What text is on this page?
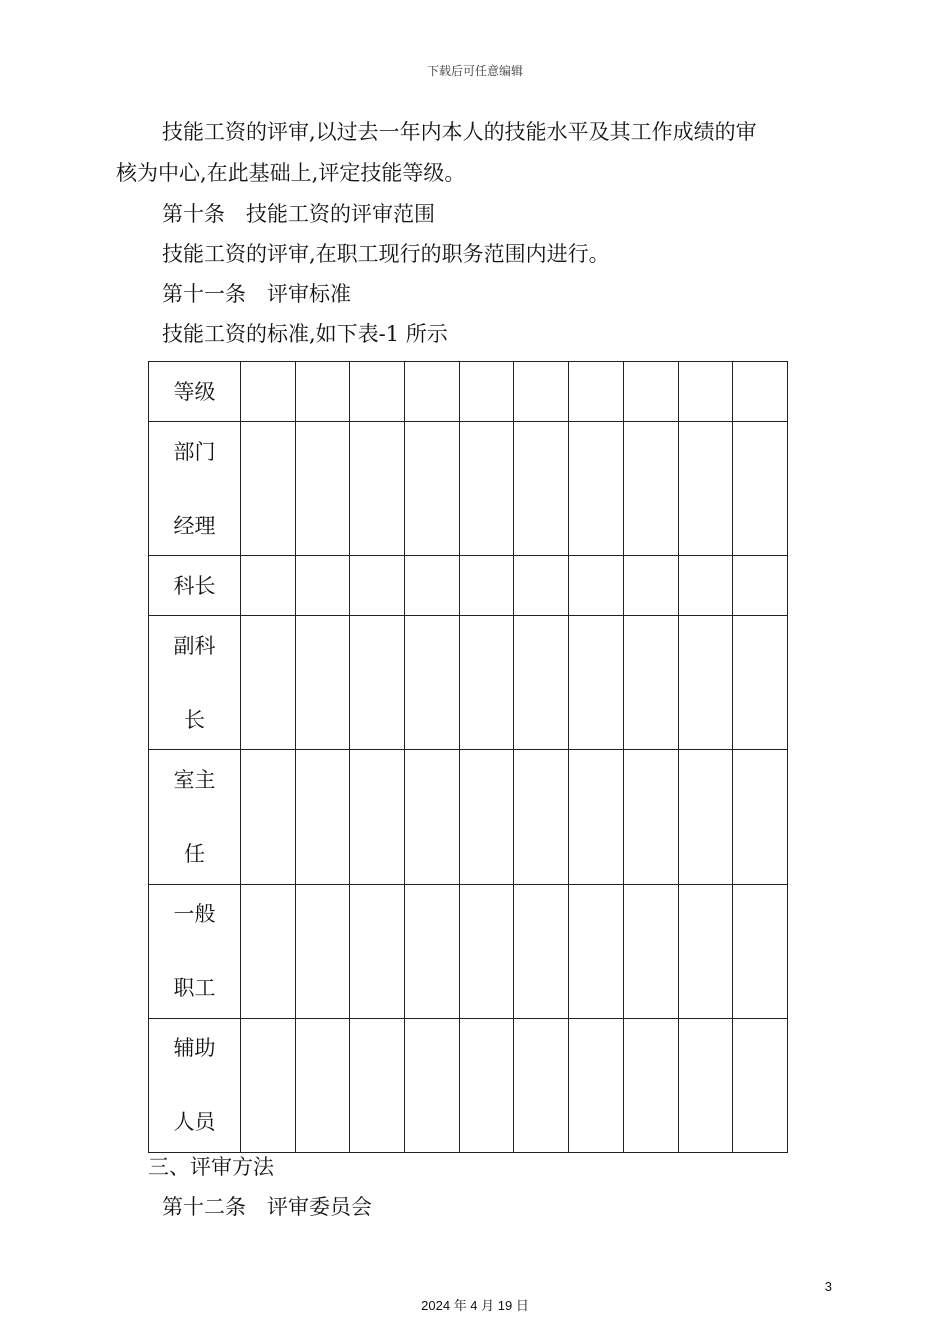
下载后可任意编辑
技能工资的评审,以过去一年内本人的技能水平及其工作成绩的审
核为中心,在此基础上,评定技能等级。
第十条　技能工资的评审范围
技能工资的评审,在职工现行的职务范围内进行。
第十一条　评审标准
技能工资的标准,如下表-1 所示
等级										

部门
经理										

科长										

副科
长										

室主
任										

一般
职工										

辅助
人员										

三、评审方法
第十二条　评审委员会
3
2024 年 4 月 19 日
